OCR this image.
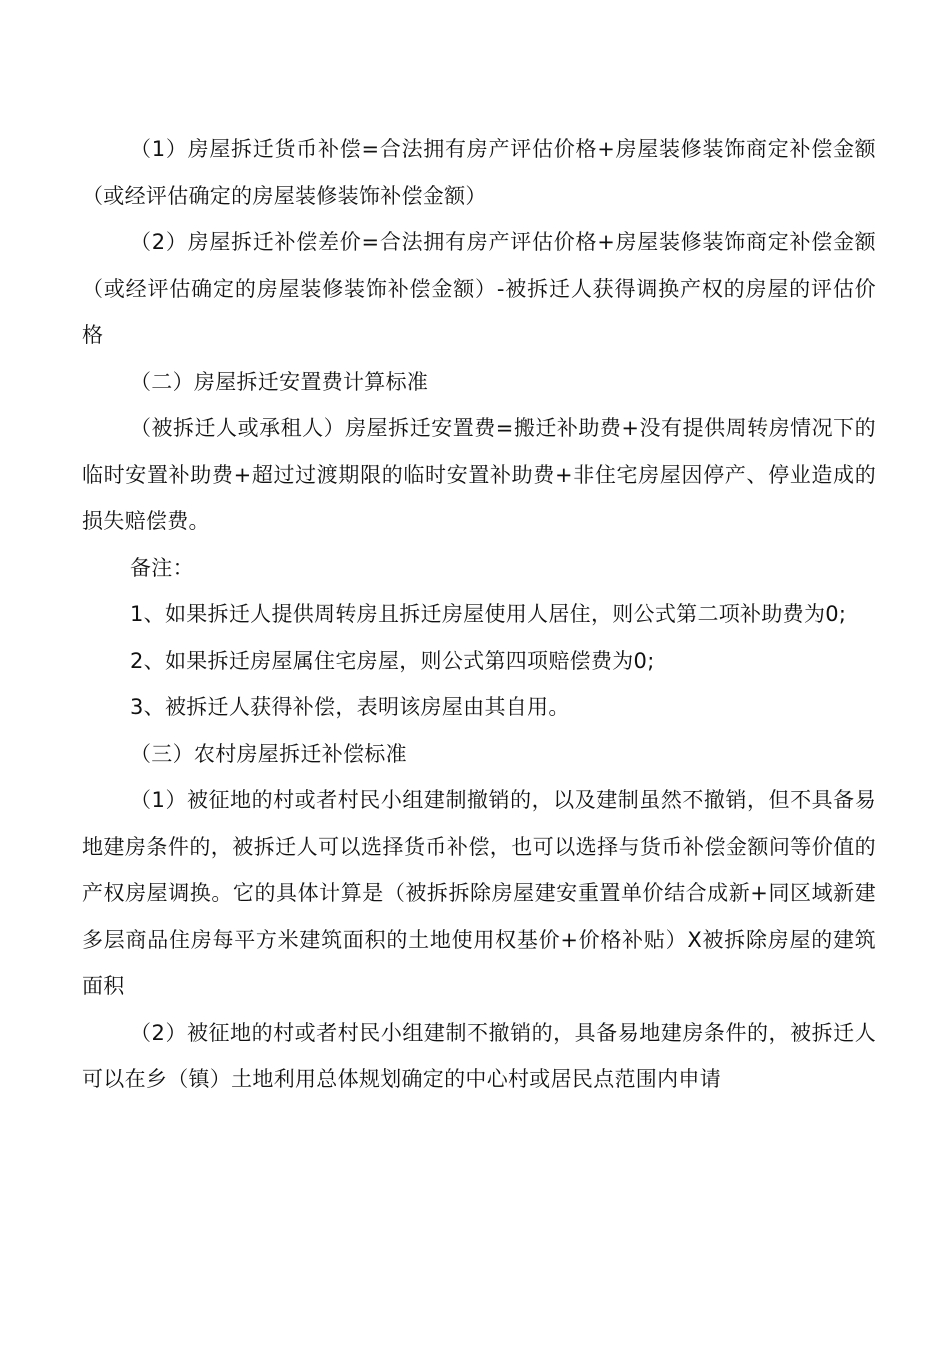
（1）房屋拆迁货币补偿=合法拥有房产评估价格+房屋装修装饰商定补偿金额（或经评估确定的房屋装修装饰补偿金额）

（2）房屋拆迁补偿差价=合法拥有房产评估价格+房屋装修装饰商定补偿金额（或经评估确定的房屋装修装饰补偿金额）-被拆迁人获得调换产权的房屋的评估价格

（二）房屋拆迁安置费计算标准

（被拆迁人或承租人）房屋拆迁安置费=搬迁补助费+没有提供周转房情况下的临时安置补助费+超过过渡期限的临时安置补助费+非住宅房屋因停产、停业造成的损失赔偿费。

备注：

1、如果拆迁人提供周转房且拆迁房屋使用人居住，则公式第二项补助费为0;

2、如果拆迁房屋属住宅房屋，则公式第四项赔偿费为0;

3、被拆迁人获得补偿，表明该房屋由其自用。

（三）农村房屋拆迁补偿标准

（1）被征地的村或者村民小组建制撤销的，以及建制虽然不撤销，但不具备易地建房条件的，被拆迁人可以选择货币补偿，也可以选择与货币补偿金额问等价值的产权房屋调换。它的具体计算是（被拆拆除房屋建安重置单价结合成新+同区域新建多层商品住房每平方米建筑面积的土地使用权基价+价格补贴）X被拆除房屋的建筑面积

（2）被征地的村或者村民小组建制不撤销的，具备易地建房条件的，被拆迁人可以在乡（镇）土地利用总体规划确定的中心村或居民点范围内申请
